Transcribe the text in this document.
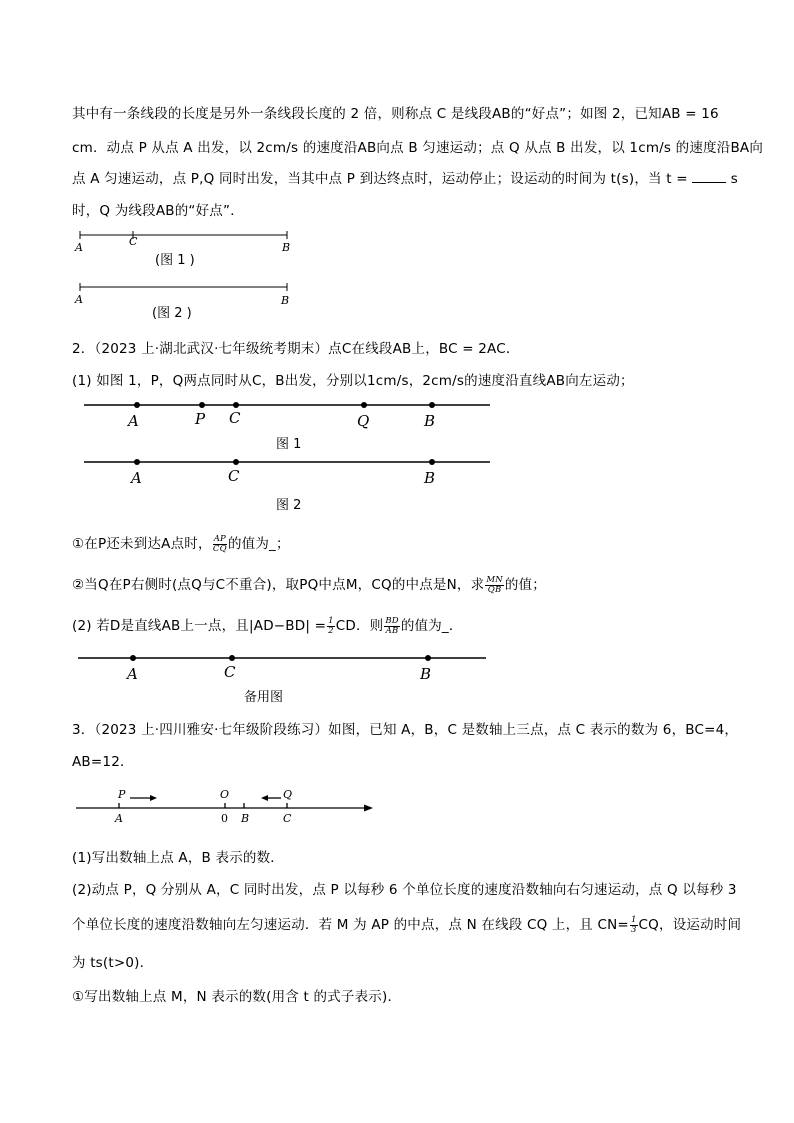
其中有一条线段的长度是另外一条线段长度的 2 倍，则称点 C 是线段AB的“好点”；如图 2，已知AB = 16
cm．动点 P 从点 A 出发，以 2cm/s 的速度沿AB向点 B 匀速运动；点 Q 从点 B 出发，以 1cm/s 的速度沿BA向
点 A 匀速运动，点 P,Q 同时出发，当其中点 P 到达终点时，运动停止；设运动的时间为 t(s)，当 t =	s
时，Q 为线段AB的“好点”．
A	C	B
(图 1 )
A	B
(图 2 )
2．（2023 上·湖北武汉·七年级统考期末）点C在线段AB上，BC = 2AC．
(1) 如图 1，P，Q两点同时从C，B出发，分别以1cm/s，2cm/s的速度沿直线AB向左运动；
A	P C	Q	B
图 1
A	C	B
图 2
①在P还未到达A点时， $\frac{AP}{CQ}$ 的值为_；
②当Q在P右侧时(点Q与C不重合)，取PQ中点M，CQ的中点是N，求 $\frac{MN}{QB}$ 的值；
(2) 若D是直线AB上一点，且$|AD-BD| = \frac{1}{2}$ CD．则 $\frac{BD}{AB}$ 的值为_．
A	C	B
备用图
3．（2023 上·四川雅安·七年级阶段练习）如图，已知 A，B，C 是数轴上三点，点 C 表示的数为 6，BC=4，
AB=12．
P	O	Q
A	0 B	C
(1)写出数轴上点 A，B 表示的数．
(2)动点 P，Q 分别从 A，C 同时出发，点 P 以每秒 6 个单位长度的速度沿数轴向右匀速运动，点 Q 以每秒 3
个单位长度的速度沿数轴向左匀速运动．若 M 为 AP 的中点，点 N 在线段 CQ 上，且 $CN= \frac{1}{3}$ CQ，设运动时间
为 ts(t>0)．
①写出数轴上点 M，N 表示的数(用含 t 的式子表示)．
